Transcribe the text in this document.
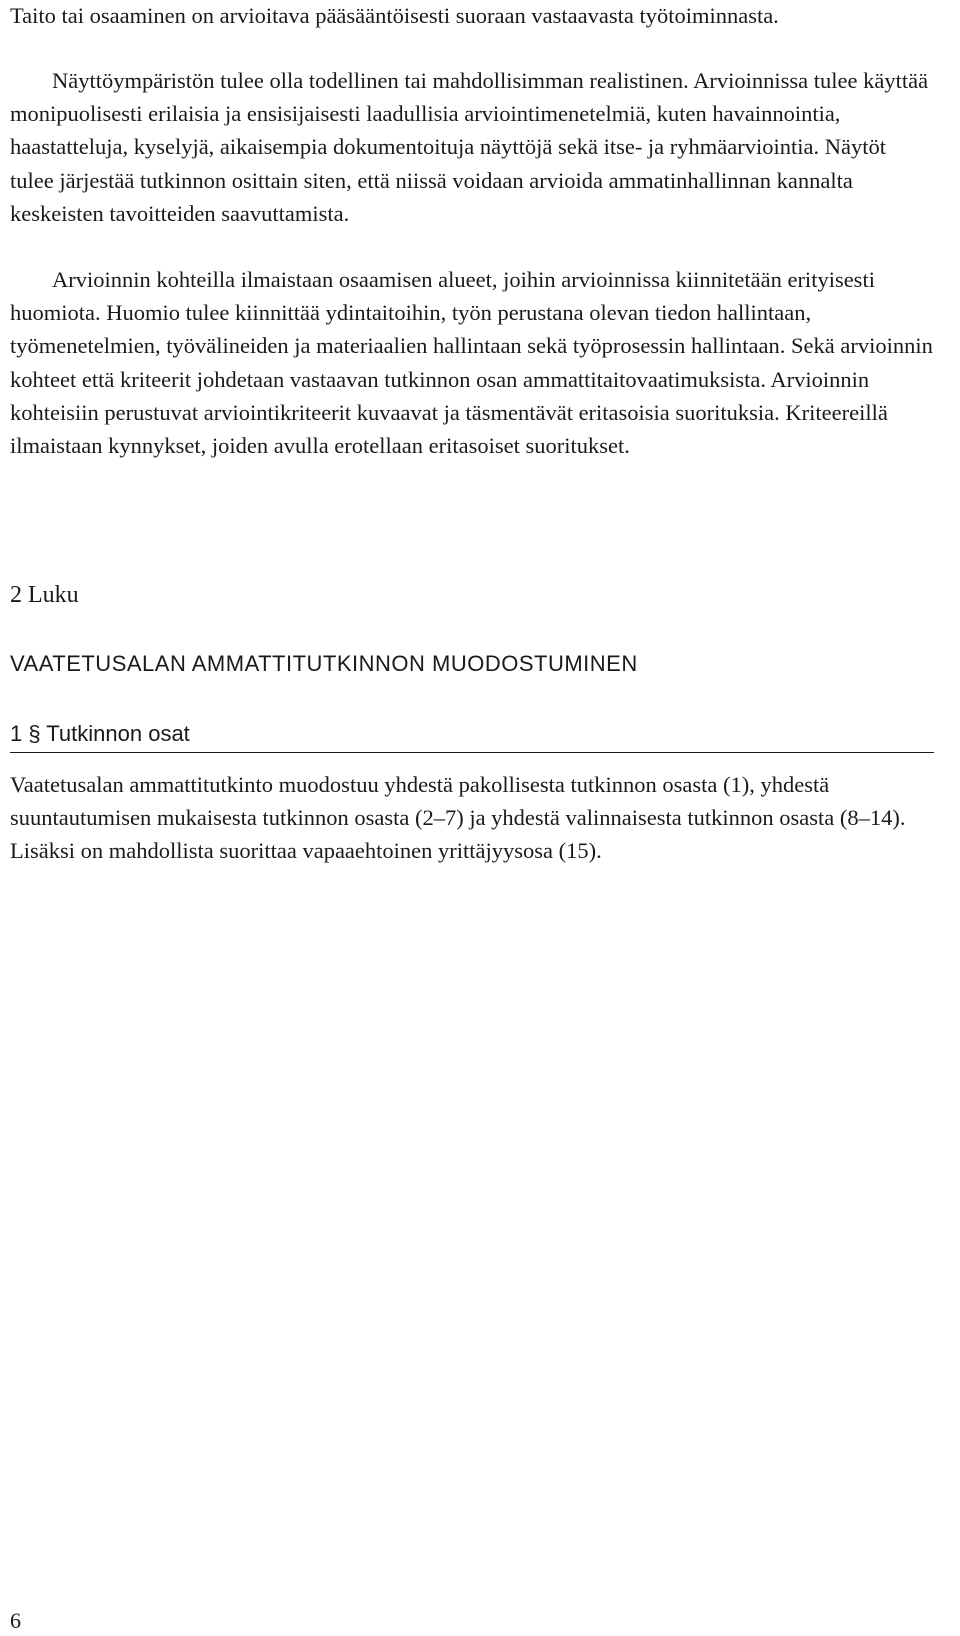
Taito tai osaaminen on arvioitava pääsääntöisesti suoraan vastaavasta työtoiminnasta.

Näyttöympäristön tulee olla todellinen tai mahdollisimman realistinen. Arvioinnissa tulee käyttää monipuolisesti erilaisia ja ensisijaisesti laadullisia arviointimenetelmiä, kuten havainnointia, haastatteluja, kyselyjä, aikaisempia dokumentoituja näyttöjä sekä itse- ja ryhmäarviointia. Näytöt tulee järjestää tutkinnon osittain siten, että niissä voidaan arvioida ammatinhallinnan kannalta keskeisten tavoitteiden saavuttamista.

Arvioinnin kohteilla ilmaistaan osaamisen alueet, joihin arvioinnissa kiinnitetään erityisesti huomiota. Huomio tulee kiinnittää ydintaitoihin, työn perustana olevan tiedon hallintaan, työmenetelmien, työvälineiden ja materiaalien hallintaan sekä työprosessin hallintaan. Sekä arvioinnin kohteet että kriteerit johdetaan vastaavan tutkinnon osan ammattitaitovaatimuksista. Arvioinnin kohteisiin perustuvat arviointikriteerit kuvaavat ja täsmentävät eritasoisia suorituksia. Kriteereillä ilmaistaan kynnykset, joiden avulla erotellaan eritasoiset suoritukset.

2 Luku
VAATETUSALAN AMMATTITUTKINNON MUODOSTUMINEN
1 § Tutkinnon osat

Vaatetusalan ammattitutkinto muodostuu yhdestä pakollisesta tutkinnon osasta (1), yhdestä suuntautumisen mukaisesta tutkinnon osasta (2–7) ja yhdestä valinnaisesta tutkinnon osasta (8–14). Lisäksi on mahdollista suorittaa vapaaehtoinen yrittäjyysosa (15).

6
